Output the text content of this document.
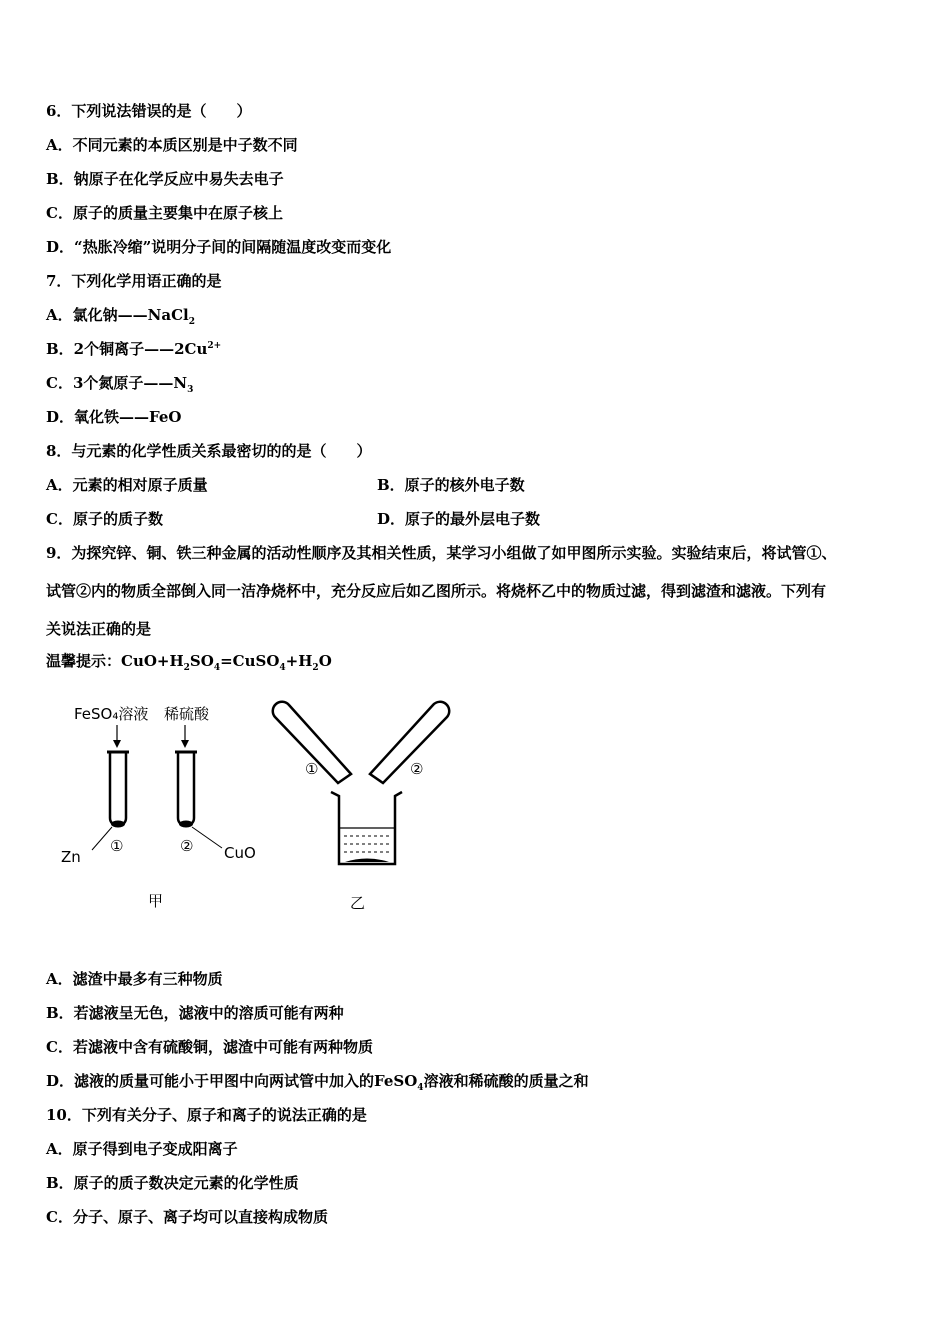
6．下列说法错误的是（　　）
A．不同元素的本质区别是中子数不同
B．钠原子在化学反应中易失去电子
C．原子的质量主要集中在原子核上
D．“热胀冷缩”说明分子间的间隔随温度改变而变化
7．下列化学用语正确的是
A．氯化钠——NaCl$_2$
B．2个铜离子$——2Cu^{2+}$
C．3个氮原子$——N_3$
D．氧化铁——FeO
8．与元素的化学性质关系最密切的的是（　　）
A．元素的相对原子质量	B．原子的核外电子数
C．原子的质子数	D．原子的最外层电子数
9．为探究锌、铜、铁三种金属的活动性顺序及其相关性质，某学习小组做了如甲图所示实验。实验结束后，将试管①、
试管②内的物质全部倒入同一洁净烧杯中，充分反应后如乙图所示。将烧杯乙中的物质过滤，得到滤渣和滤液。下列有
关说法正确的是
温馨提示：$CuO+H_2SO_4=CuSO_4+H_2O$
FeSO₄溶液 稀硫酸
Zn
①	② CuO
甲
①	②
乙
A．滤渣中最多有三种物质
B．若滤液呈无色，滤液中的溶质可能有两种
C．若滤液中含有硫酸铜，滤渣中可能有两种物质
D．滤液的质量可能小于甲图中向两试管中加入的FeSO$_4$溶液和稀硫酸的质量之和
10．下列有关分子、原子和离子的说法正确的是
A．原子得到电子变成阳离子
B．原子的质子数决定元素的化学性质
C．分子、原子、离子均可以直接构成物质
